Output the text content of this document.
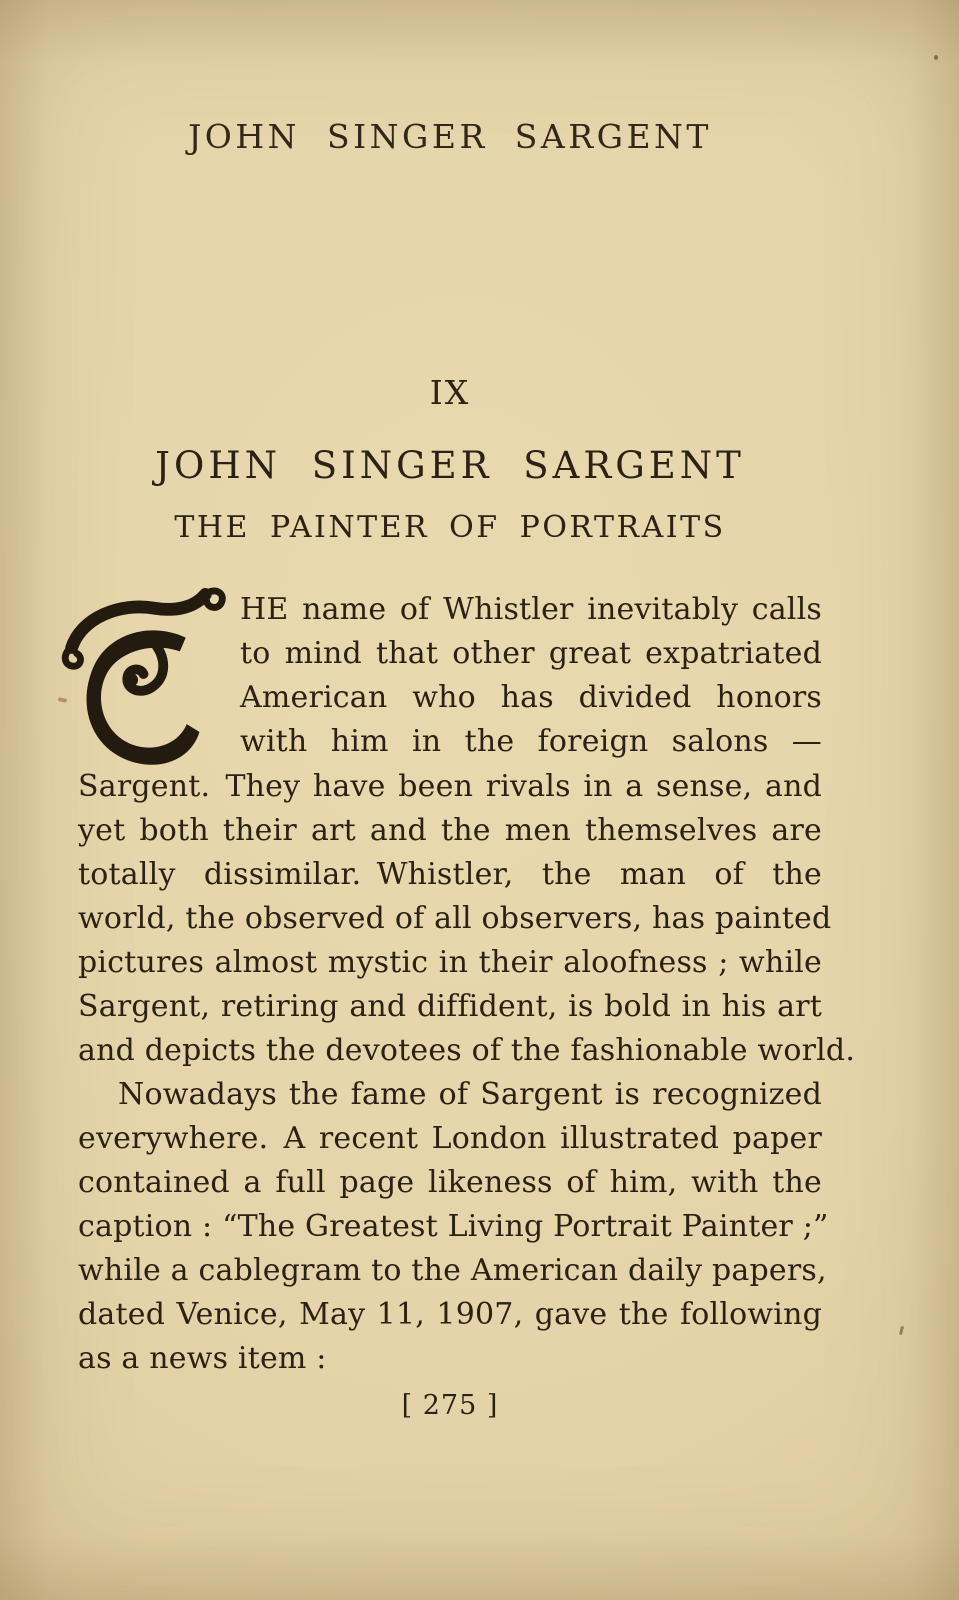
JOHN SINGER SARGENT
IX
JOHN SINGER SARGENT
THE PAINTER OF PORTRAITS
HE name of Whistler inevitably calls
to mind that other great expatriated
American who has divided honors
with him in the foreign salons —
Sargent. They have been rivals in a sense, and
yet both their art and the men themselves are
totally dissimilar. Whistler, the man of the
world, the observed of all observers, has painted
pictures almost mystic in their aloofness ; while
Sargent, retiring and diffident, is bold in his art
and depicts the devotees of the fashionable world.
Nowadays the fame of Sargent is recognized
everywhere. A recent London illustrated paper
contained a full page likeness of him, with the
caption : “The Greatest Living Portrait Painter ;”
while a cablegram to the American daily papers,
dated Venice, May 11, 1907, gave the following
as a news item :
[ 275 ]
